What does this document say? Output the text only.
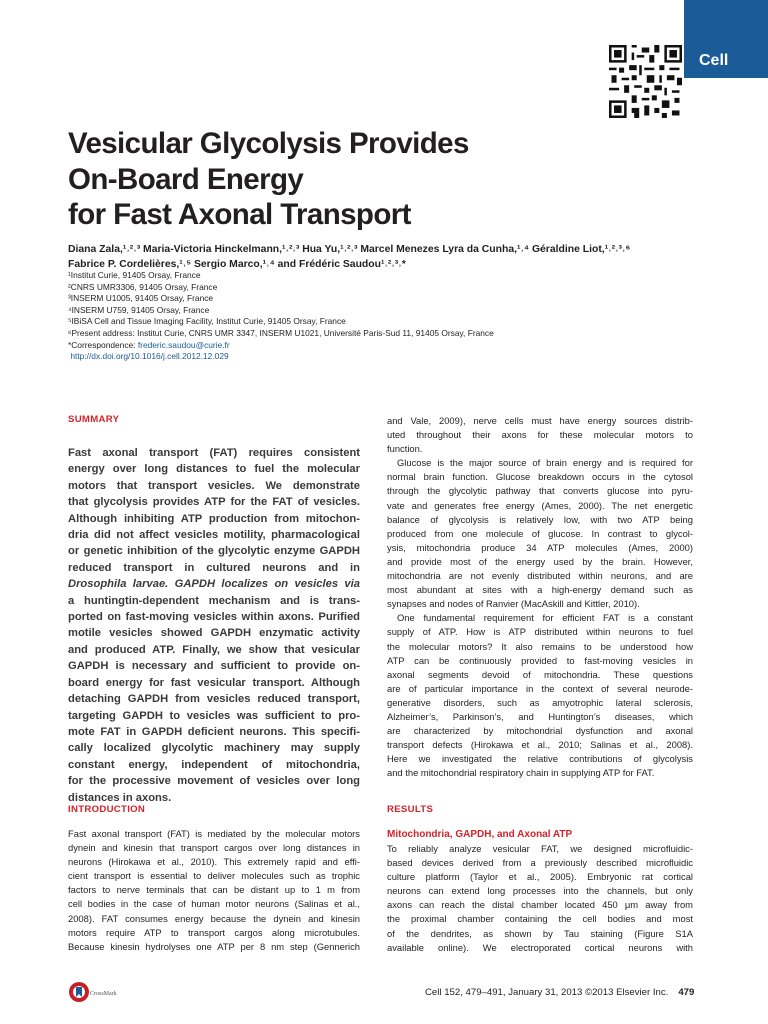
Cell
Vesicular Glycolysis Provides
On-Board Energy
for Fast Axonal Transport
Diana Zala,¹˒²˒³ Maria-Victoria Hinckelmann,¹˒²˒³ Hua Yu,¹˒²˒³ Marcel Menezes Lyra da Cunha,¹˒⁴ Géraldine Liot,¹˒²˒³˒⁶
Fabrice P. Cordelières,¹˒⁵ Sergio Marco,¹˒⁴ and Frédéric Saudou¹˒²˒³˒*
¹Institut Curie, 91405 Orsay, France
²CNRS UMR3306, 91405 Orsay, France
³INSERM U1005, 91405 Orsay, France
⁴INSERM U759, 91405 Orsay, France
⁵IBiSA Cell and Tissue Imaging Facility, Institut Curie, 91405 Orsay, France
⁶Present address: Institut Curie, CNRS UMR 3347, INSERM U1021, Université Paris-Sud 11, 91405 Orsay, France
*Correspondence: frederic.saudou@curie.fr
http://dx.doi.org/10.1016/j.cell.2012.12.029
SUMMARY
Fast axonal transport (FAT) requires consistent
energy over long distances to fuel the molecular
motors that transport vesicles. We demonstrate
that glycolysis provides ATP for the FAT of vesicles.
Although inhibiting ATP production from mitochon-
dria did not affect vesicles motility, pharmacological
or genetic inhibition of the glycolytic enzyme GAPDH
reduced transport in cultured neurons and in
Drosophila larvae. GAPDH localizes on vesicles via
a huntingtin-dependent mechanism and is trans-
ported on fast-moving vesicles within axons. Purified
motile vesicles showed GAPDH enzymatic activity
and produced ATP. Finally, we show that vesicular
GAPDH is necessary and sufficient to provide on-
board energy for fast vesicular transport. Although
detaching GAPDH from vesicles reduced transport,
targeting GAPDH to vesicles was sufficient to pro-
mote FAT in GAPDH deficient neurons. This specifi-
cally localized glycolytic machinery may supply
constant energy, independent of mitochondria,
for the processive movement of vesicles over long
distances in axons.
INTRODUCTION
Fast axonal transport (FAT) is mediated by the molecular motors
dynein and kinesin that transport cargos over long distances in
neurons (Hirokawa et al., 2010). This extremely rapid and effi-
cient transport is essential to deliver molecules such as trophic
factors to nerve terminals that can be distant up to 1 m from
cell bodies in the case of human motor neurons (Salinas et al.,
2008). FAT consumes energy because the dynein and kinesin
motors require ATP to transport cargos along microtubules.
Because kinesin hydrolyses one ATP per 8 nm step (Gennerich
and Vale, 2009), nerve cells must have energy sources distrib-
uted throughout their axons for these molecular motors to
function.
Glucose is the major source of brain energy and is required for
normal brain function. Glucose breakdown occurs in the cytosol
through the glycolytic pathway that converts glucose into pyru-
vate and generates free energy (Ames, 2000). The net energetic
balance of glycolysis is relatively low, with two ATP being
produced from one molecule of glucose. In contrast to glycol-
ysis, mitochondria produce 34 ATP molecules (Ames, 2000)
and provide most of the energy used by the brain. However,
mitochondria are not evenly distributed within neurons, and are
most abundant at sites with a high-energy demand such as
synapses and nodes of Ranvier (MacAskill and Kittler, 2010).
One fundamental requirement for efficient FAT is a constant
supply of ATP. How is ATP distributed within neurons to fuel
the molecular motors? It also remains to be understood how
ATP can be continuously provided to fast-moving vesicles in
axonal segments devoid of mitochondria. These questions
are of particular importance in the context of several neurode-
generative disorders, such as amyotrophic lateral sclerosis,
Alzheimer’s, Parkinson’s, and Huntington’s diseases, which
are characterized by mitochondrial dysfunction and axonal
transport defects (Hirokawa et al., 2010; Salinas et al., 2008).
Here we investigated the relative contributions of glycolysis
and the mitochondrial respiratory chain in supplying ATP for FAT.
RESULTS
Mitochondria, GAPDH, and Axonal ATP
To reliably analyze vesicular FAT, we designed microfluidic-
based devices derived from a previously described microfluidic
culture platform (Taylor et al., 2005). Embryonic rat cortical
neurons can extend long processes into the channels, but only
axons can reach the distal chamber located 450 μm away from
the proximal chamber containing the cell bodies and most
of the dendrites, as shown by Tau staining (Figure S1A
available online). We electroporated cortical neurons with
CrossMark	Cell 152, 479–491, January 31, 2013 ©2013 Elsevier Inc. 479
